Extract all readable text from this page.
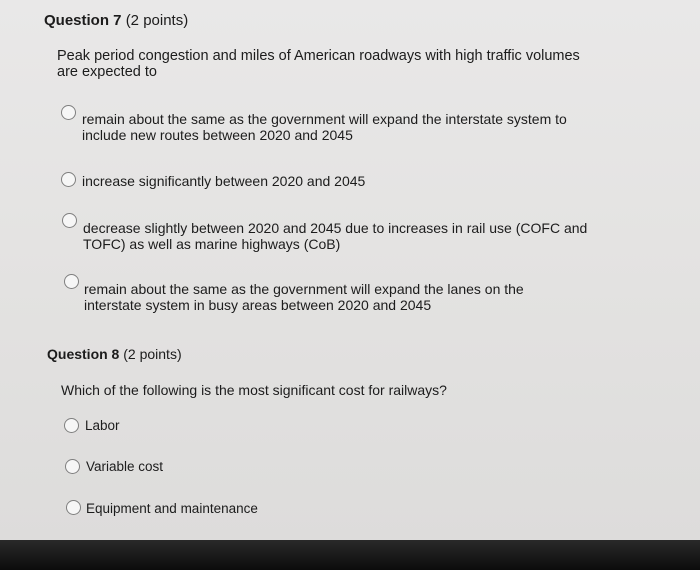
Question 7 (2 points)
Peak period congestion and miles of American roadways with high traffic volumes
are expected to
remain about the same as the government will expand the interstate system to
include new routes between 2020 and 2045
increase significantly between 2020 and 2045
decrease slightly between 2020 and 2045 due to increases in rail use (COFC and
TOFC) as well as marine highways (CoB)
remain about the same as the government will expand the lanes on the
interstate system in busy areas between 2020 and 2045
Question 8 (2 points)
Which of the following is the most significant cost for railways?
Labor
Variable cost
Equipment and maintenance
